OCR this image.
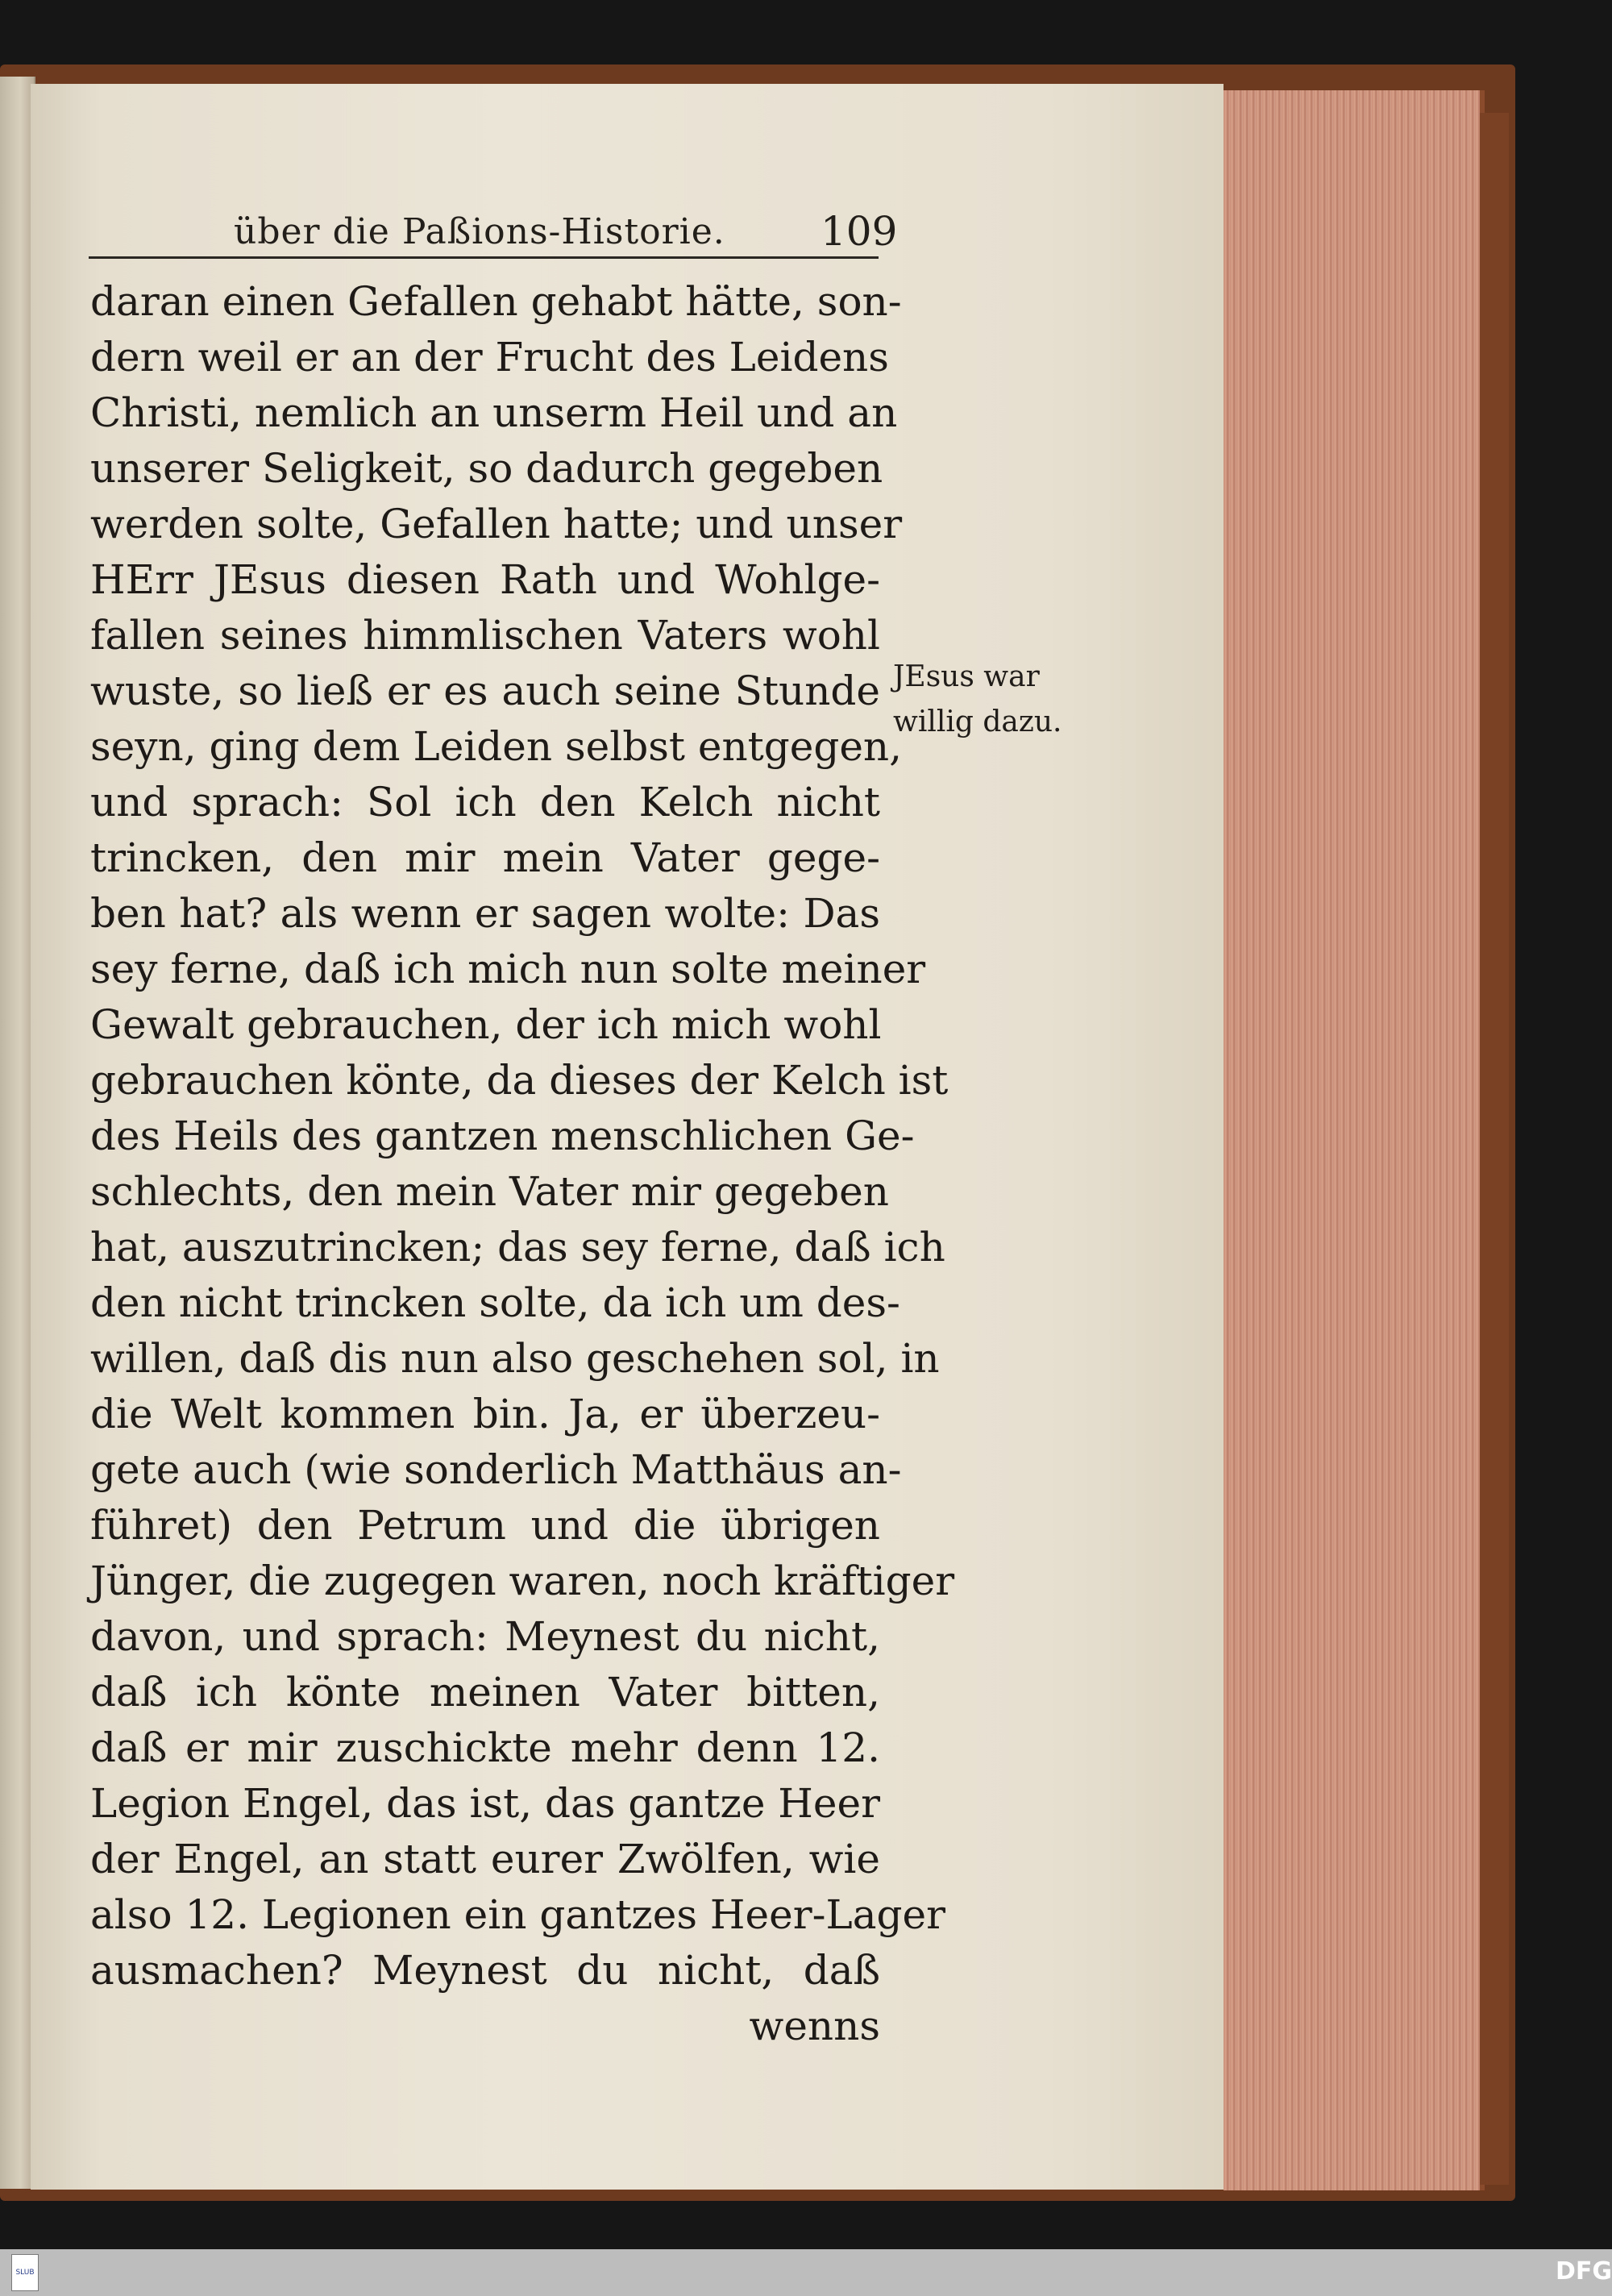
über die Paßions-Historie. 109
daran einen Gefallen gehabt hätte, son-
dern weil er an der Frucht des Leidens
Christi, nemlich an unserm Heil und an
unserer Seligkeit, so dadurch gegeben
werden solte, Gefallen hatte; und unser
HErr JEsus diesen Rath und Wohlge-
fallen seines himmlischen Vaters wohl
wuste, so ließ er es auch seine Stunde
seyn, ging dem Leiden selbst entgegen,
und sprach: Sol ich den Kelch nicht
trincken, den mir mein Vater gege-
ben hat? als wenn er sagen wolte: Das
sey ferne, daß ich mich nun solte meiner
Gewalt gebrauchen, der ich mich wohl
gebrauchen könte, da dieses der Kelch ist
des Heils des gantzen menschlichen Ge-
schlechts, den mein Vater mir gegeben
hat, auszutrincken; das sey ferne, daß ich
den nicht trincken solte, da ich um des-
willen, daß dis nun also geschehen sol, in
die Welt kommen bin. Ja, er überzeu-
gete auch (wie sonderlich Matthäus an-
führet) den Petrum und die übrigen
Jünger, die zugegen waren, noch kräftiger
davon, und sprach: Meynest du nicht,
daß ich könte meinen Vater bitten,
daß er mir zuschickte mehr denn 12.
Legion Engel, das ist, das gantze Heer
der Engel, an statt eurer Zwölfen, wie
also 12. Legionen ein gantzes Heer-Lager
ausmachen? Meynest du nicht, daß
wenns
JEsus war
willig dazu.
SLUB	DFG
